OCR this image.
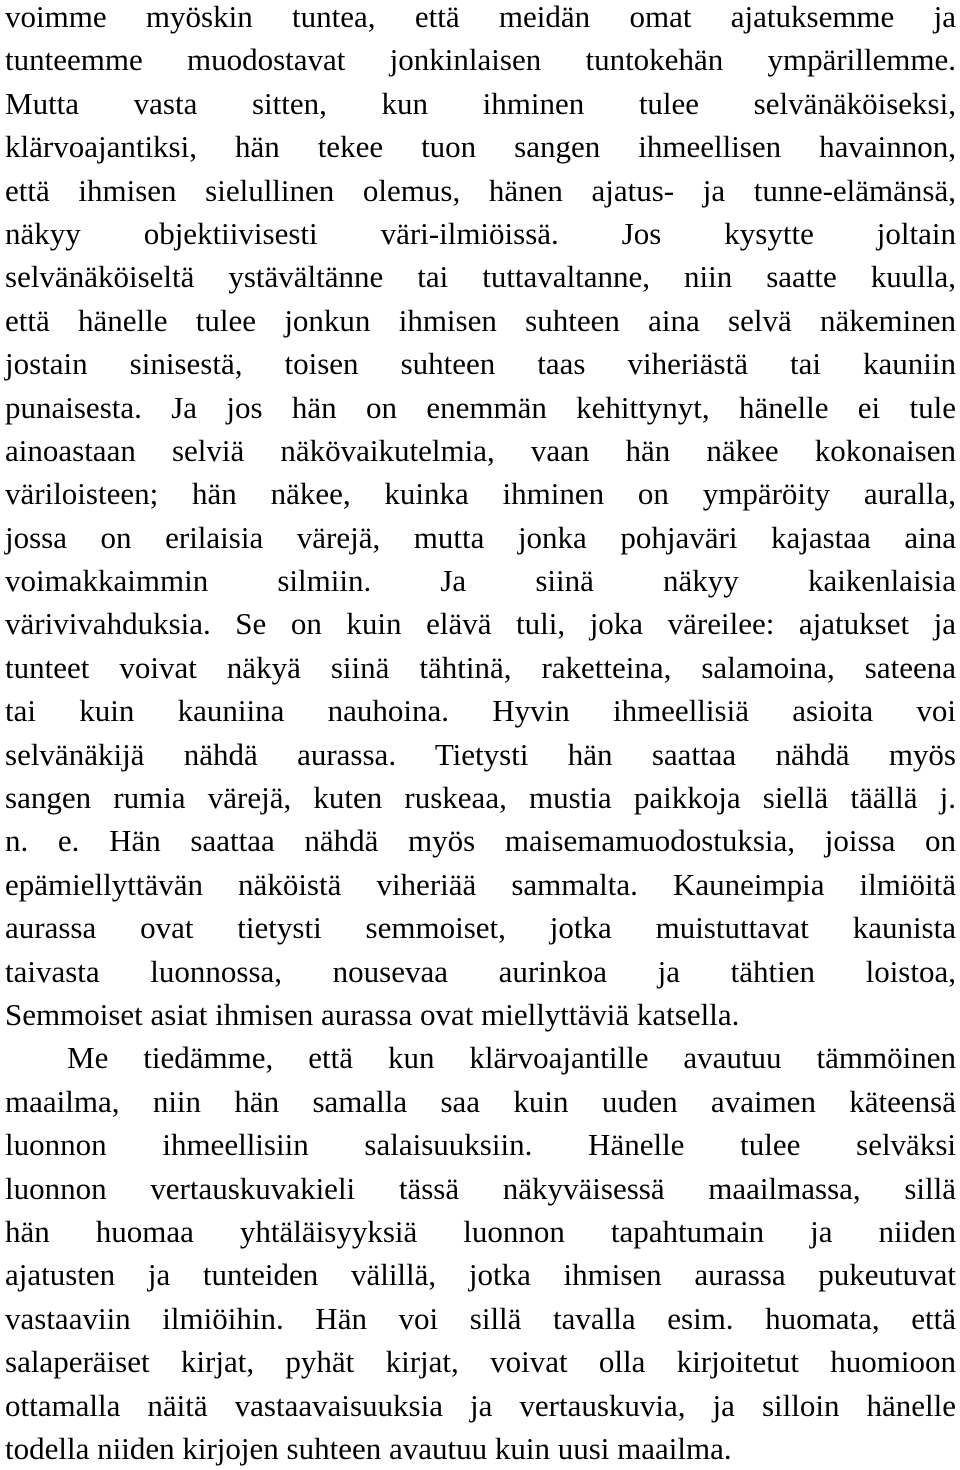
voimme myöskin tuntea, että meidän omat ajatuksemme ja
tunteemme muodostavat jonkinlaisen tuntokehän ympärillemme.
Mutta vasta sitten, kun ihminen tulee selvänäköiseksi,
klärvoajantiksi, hän tekee tuon sangen ihmeellisen havainnon,
että ihmisen sielullinen olemus, hänen ajatus- ja tunne-elämänsä,
näkyy objektiivisesti väri-ilmiöissä. Jos kysytte joltain
selvänäköiseltä ystävältänne tai tuttavaltanne, niin saatte kuulla,
että hänelle tulee jonkun ihmisen suhteen aina selvä näkeminen
jostain sinisestä, toisen suhteen taas viheriästä tai kauniin
punaisesta. Ja jos hän on enemmän kehittynyt, hänelle ei tule
ainoastaan selviä näkövaikutelmia, vaan hän näkee kokonaisen
väriloisteen; hän näkee, kuinka ihminen on ympäröity auralla,
jossa on erilaisia värejä, mutta jonka pohjaväri kajastaa aina
voimakkaimmin silmiin. Ja siinä näkyy kaikenlaisia
värivivahduksia. Se on kuin elävä tuli, joka väreilee: ajatukset ja
tunteet voivat näkyä siinä tähtinä, raketteina, salamoina, sateena
tai kuin kauniina nauhoina. Hyvin ihmeellisiä asioita voi
selvänäkijä nähdä aurassa. Tietysti hän saattaa nähdä myös
sangen rumia värejä, kuten ruskeaa, mustia paikkoja siellä täällä j.
n. e. Hän saattaa nähdä myös maisemamuodostuksia, joissa on
epämiellyttävän näköistä viheriää sammalta. Kauneimpia ilmiöitä
aurassa ovat tietysti semmoiset, jotka muistuttavat kaunista
taivasta luonnossa, nousevaa aurinkoa ja tähtien loistoa,
Semmoiset asiat ihmisen aurassa ovat miellyttäviä katsella.
Me tiedämme, että kun klärvoajantille avautuu tämmöinen
maailma, niin hän samalla saa kuin uuden avaimen käteensä
luonnon ihmeellisiin salaisuuksiin. Hänelle tulee selväksi
luonnon vertauskuvakieli tässä näkyväisessä maailmassa, sillä
hän huomaa yhtäläisyyksiä luonnon tapahtumain ja niiden
ajatusten ja tunteiden välillä, jotka ihmisen aurassa pukeutuvat
vastaaviin ilmiöihin. Hän voi sillä tavalla esim. huomata, että
salaperäiset kirjat, pyhät kirjat, voivat olla kirjoitetut huomioon
ottamalla näitä vastaavaisuuksia ja vertauskuvia, ja silloin hänelle
todella niiden kirjojen suhteen avautuu kuin uusi maailma.
